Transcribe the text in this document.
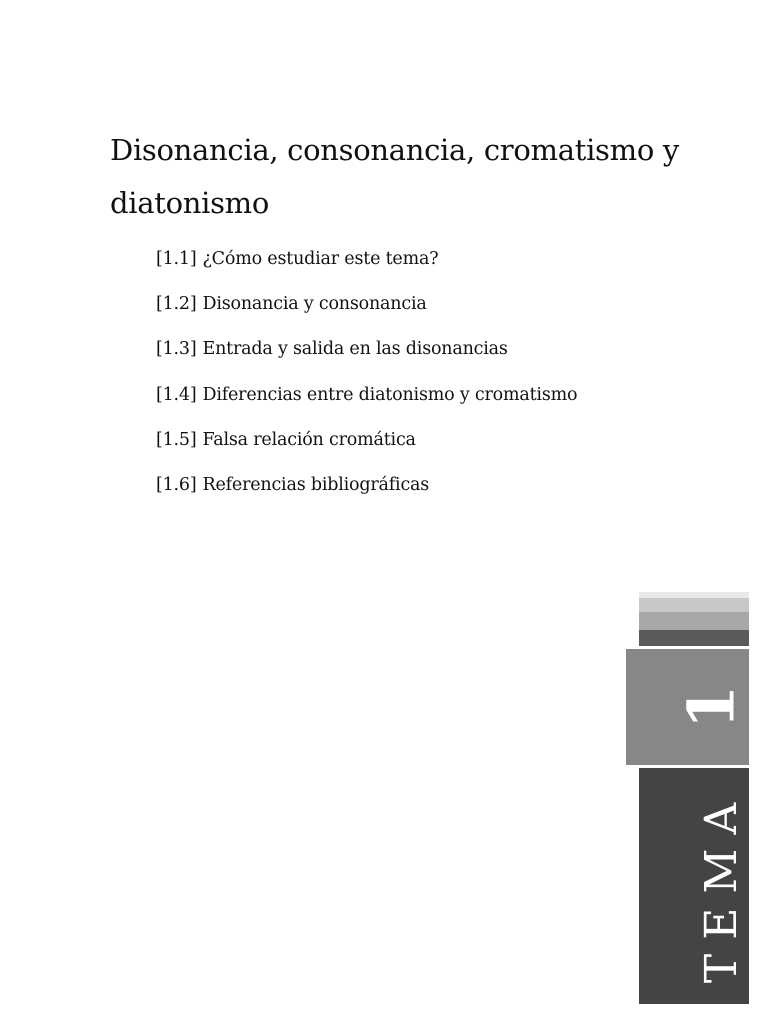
Disonancia, consonancia, cromatismo y diatonismo
[1.1] ¿Cómo estudiar este tema?
[1.2] Disonancia y consonancia
[1.3] Entrada y salida en las disonancias
[1.4] Diferencias entre diatonismo y cromatismo
[1.5] Falsa relación cromática
[1.6] Referencias bibliográficas
1
TEMA
